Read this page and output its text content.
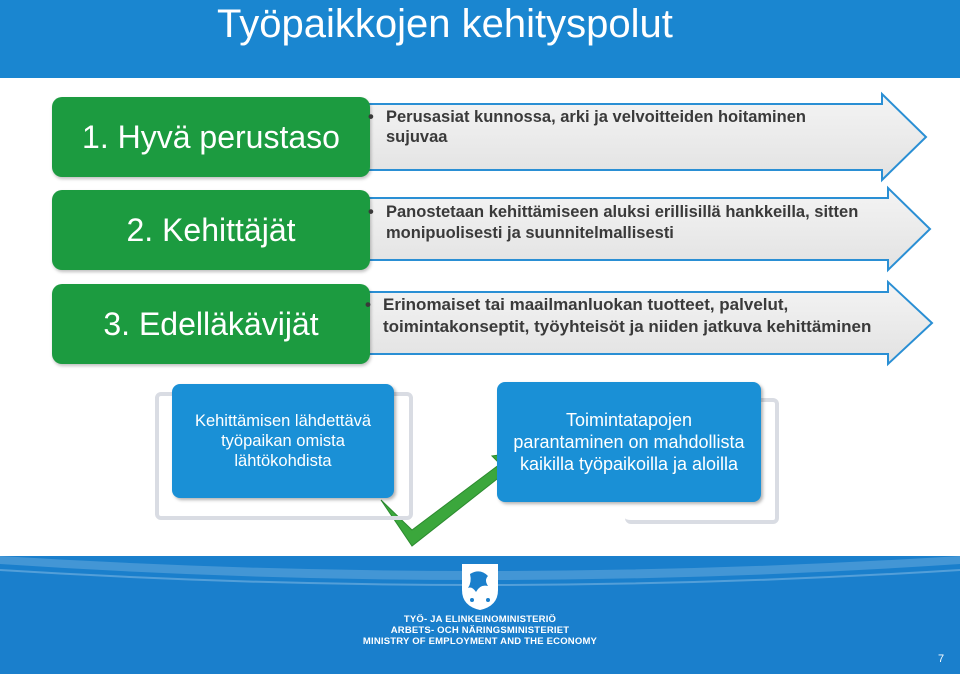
Työpaikkojen kehityspolut
1. Hyvä perustaso
2. Kehittäjät
3. Edelläkävijät
• Perusasiat kunnossa, arki ja velvoitteiden hoitaminen sujuvaa
• Panostetaan kehittämiseen aluksi erillisillä hankkeilla, sitten monipuolisesti ja suunnitelmallisesti
• Erinomaiset tai maailmanluokan tuotteet, palvelut, toimintakonseptit, työyhteisöt ja niiden jatkuva kehittäminen
Kehittämisen lähdettävä työpaikan omista lähtökohdista
Toimintatapojen parantaminen on mahdollista kaikilla työpaikoilla ja aloilla
TYÖ- JA ELINKEINOMINISTERIÖ
ARBETS- OCH NÄRINGSMINISTERIET
MINISTRY OF EMPLOYMENT AND THE ECONOMY
7
